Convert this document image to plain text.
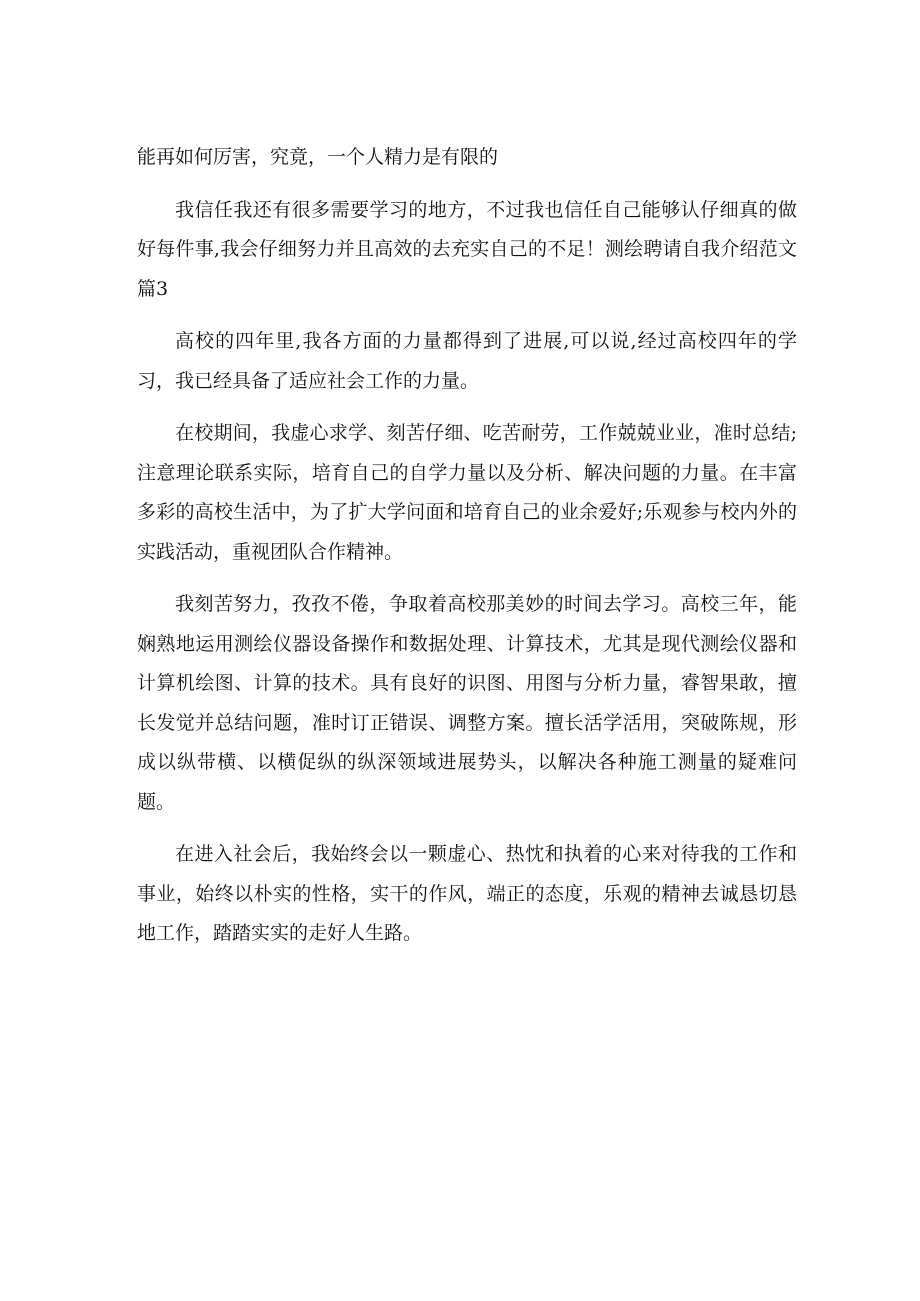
能再如何厉害，究竟，一个人精力是有限的

我信任我还有很多需要学习的地方，不过我也信任自己能够认仔细真的做好每件事,我会仔细努力并且高效的去充实自己的不足！测绘聘请自我介绍范文篇3

高校的四年里,我各方面的力量都得到了进展,可以说,经过高校四年的学习，我已经具备了适应社会工作的力量。

在校期间，我虚心求学、刻苦仔细、吃苦耐劳，工作兢兢业业，准时总结;注意理论联系实际，培育自己的自学力量以及分析、解决问题的力量。在丰富多彩的高校生活中，为了扩大学问面和培育自己的业余爱好;乐观参与校内外的实践活动，重视团队合作精神。

我刻苦努力，孜孜不倦，争取着高校那美妙的时间去学习。高校三年，能娴熟地运用测绘仪器设备操作和数据处理、计算技术，尤其是现代测绘仪器和计算机绘图、计算的技术。具有良好的识图、用图与分析力量，睿智果敢，擅长发觉并总结问题，准时订正错误、调整方案。擅长活学活用，突破陈规，形成以纵带横、以横促纵的纵深领域进展势头，以解决各种施工测量的疑难问题。

在进入社会后，我始终会以一颗虚心、热忱和执着的心来对待我的工作和事业，始终以朴实的性格，实干的作风，端正的态度，乐观的精神去诚恳切恳地工作，踏踏实实的走好人生路。
